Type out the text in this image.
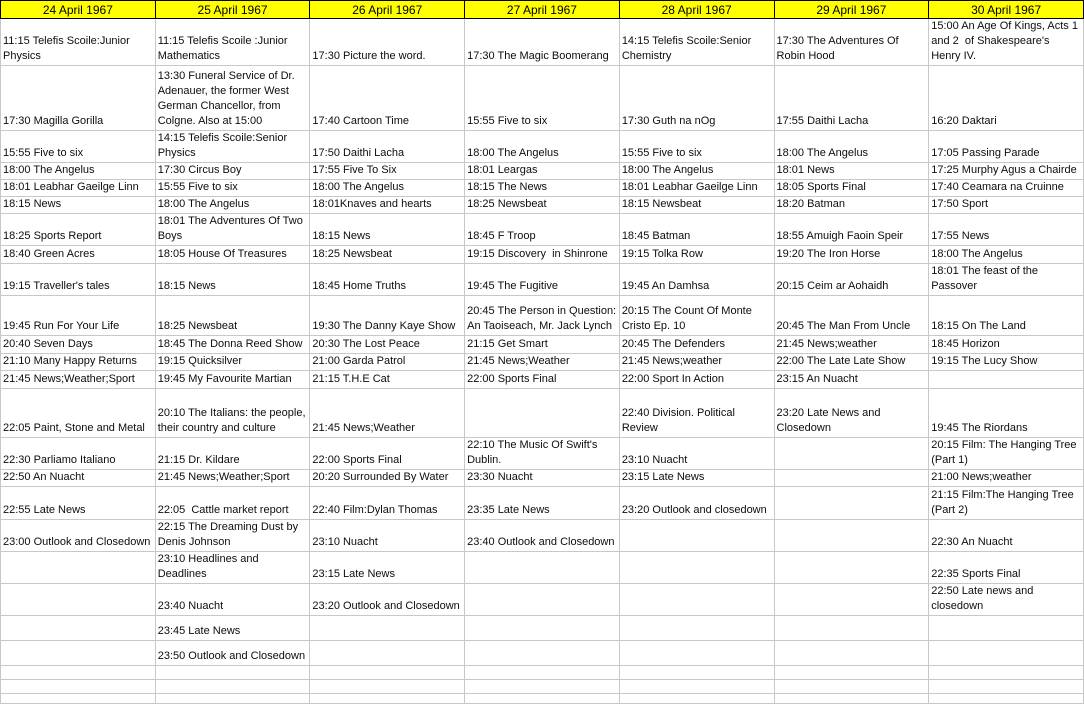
24 April 1967	25 April 1967	26 April 1967	27 April 1967	28 April 1967	29 April 1967	30 April 1967
11:15 Telefis Scoile:Junior Physics	11:15 Telefis Scoile :Junior Mathematics	17:30 Picture the word.	17:30 The Magic Boomerang	14:15 Telefis Scoile:Senior Chemistry	17:30 The Adventures Of Robin Hood	15:00 An Age Of Kings, Acts 1 and 2  of Shakespeare's Henry IV.
17:30 Magilla Gorilla	13:30 Funeral Service of Dr. Adenauer, the former West German Chancellor, from Colgne. Also at 15:00	17:40 Cartoon Time	15:55 Five to six	17:30 Guth na nOg	17:55 Daithi Lacha	16:20 Daktari
15:55 Five to six	14:15 Telefis Scoile:Senior Physics	17:50 Daithi Lacha	18:00 The Angelus	15:55 Five to six	18:00 The Angelus	17:05 Passing Parade
18:00 The Angelus	17:30 Circus Boy	17:55 Five To Six	18:01 Leargas	18:00 The Angelus	18:01 News	17:25 Murphy Agus a Chairde
18:01 Leabhar Gaeilge Linn	15:55 Five to six	18:00 The Angelus	18:15 The News	18:01 Leabhar Gaeilge Linn	18:05 Sports Final	17:40 Ceamara na Cruinne
18:15 News	18:00 The Angelus	18:01Knaves and hearts	18:25 Newsbeat	18:15 Newsbeat	18:20 Batman	17:50 Sport
18:25 Sports Report	18:01 The Adventures Of Two Boys	18:15 News	18:45 F Troop	18:45 Batman	18:55 Amuigh Faoin Speir	17:55 News
18:40 Green Acres	18:05 House Of Treasures	18:25 Newsbeat	19:15 Discovery  in Shinrone	19:15 Tolka Row	19:20 The Iron Horse	18:00 The Angelus
19:15 Traveller's tales	18:15 News	18:45 Home Truths	19:45 The Fugitive	19:45 An Damhsa	20:15 Ceim ar Aohaidh	18:01 The feast of the Passover
19:45 Run For Your Life	18:25 Newsbeat	19:30 The Danny Kaye Show	20:45 The Person in Question: An Taoiseach, Mr. Jack Lynch	20:15 The Count Of Monte Cristo Ep. 10	20:45 The Man From Uncle	18:15 On The Land
20:40 Seven Days	18:45 The Donna Reed Show	20:30 The Lost Peace	21:15 Get Smart	20:45 The Defenders	21:45 News;weather	18:45 Horizon
21:10 Many Happy Returns	19:15 Quicksilver	21:00 Garda Patrol	21:45 News;Weather	21:45 News;weather	22:00 The Late Late Show	19:15 The Lucy Show
21:45 News;Weather;Sport	19:45 My Favourite Martian	21:15 T.H.E Cat	22:00 Sports Final	22:00 Sport In Action	23:15 An Nuacht	
22:05 Paint, Stone and Metal	20:10 The Italians: the people, their country and culture	21:45 News;Weather		22:40 Division. Political Review	23:20 Late News and Closedown	19:45 The Riordans
22:30 Parliamo Italiano	21:15 Dr. Kildare	22:00 Sports Final	22:10 The Music Of Swift's Dublin.	23:10 Nuacht		20:15 Film: The Hanging Tree (Part 1)
22:50 An Nuacht	21:45 News;Weather;Sport	20:20 Surrounded By Water	23:30 Nuacht	23:15 Late News		21:00 News;weather
22:55 Late News	22:05  Cattle market report	22:40 Film:Dylan Thomas	23:35 Late News	23:20 Outlook and closedown		21:15 Film:The Hanging Tree (Part 2)
23:00 Outlook and Closedown	22:15 The Dreaming Dust by Denis Johnson	23:10 Nuacht	23:40 Outlook and Closedown			22:30 An Nuacht
	23:10 Headlines and Deadlines	23:15 Late News				22:35 Sports Final
	23:40 Nuacht	23:20 Outlook and Closedown				22:50 Late news and closedown
	23:45 Late News					
	23:50 Outlook and Closedown					
